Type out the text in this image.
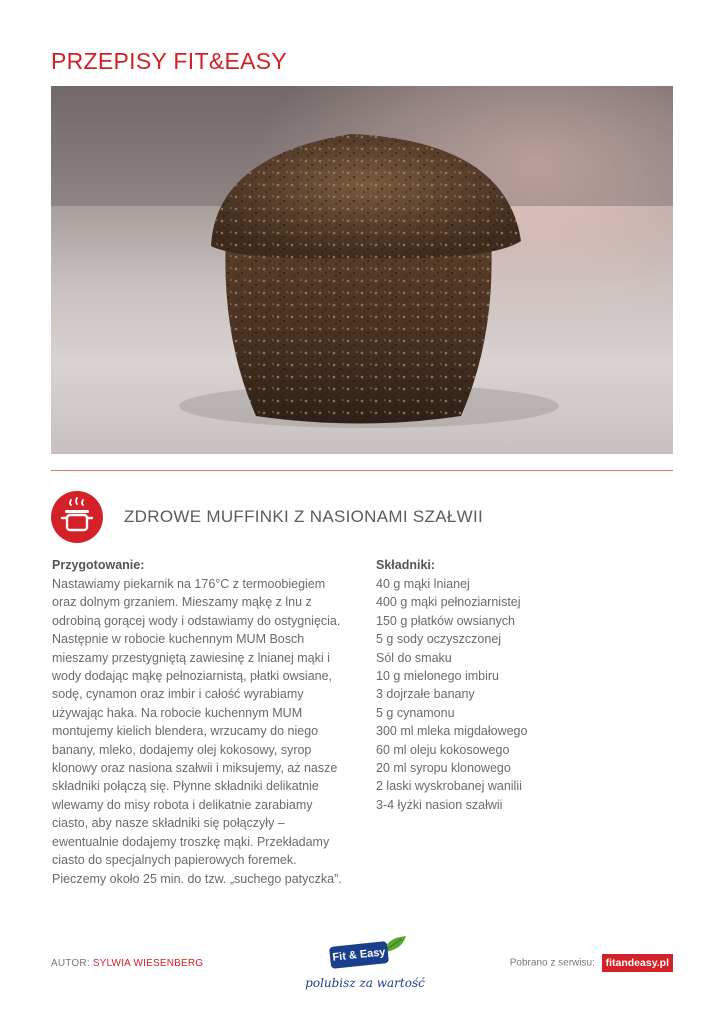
PRZEPISY FIT&EASY
ZDROWE MUFFINKI Z NASIONAMI SZAŁWII
Przygotowanie:

Nastawiamy piekarnik na 176°C z termoobiegiem oraz dolnym grzaniem. Mieszamy mąkę z lnu z odrobiną gorącej wody i odstawiamy do ostygnięcia. Następnie w robocie kuchennym MUM Bosch mieszamy przestygniętą zawiesinę z lnianej mąki i wody dodając mąkę pełnoziarnistą, płatki owsiane, sodę, cynamon oraz imbir i całość wyrabiamy używając haka. Na robocie kuchennym MUM montujemy kielich blendera, wrzucamy do niego banany, mleko, dodajemy olej kokosowy, syrop klonowy oraz nasiona szałwii i miksujemy, aż nasze składniki połączą się. Płynne składniki delikatnie wlewamy do misy robota i delikatnie zarabiamy ciasto, aby nasze składniki się połączyły – ewentualnie dodajemy troszkę mąki. Przekładamy ciasto do specjalnych papierowych foremek. Pieczemy około 25 min. do tzw. „suchego patyczka”.

Składniki:
40 g mąki lnianej
400 g mąki pełnoziarnistej
150 g płatków owsianych
5 g sody oczyszczonej
Sól do smaku
10 g mielonego imbiru
3 dojrzałe banany
5 g cynamonu
300 ml mleka migdałowego
60 ml oleju kokosowego
20 ml syropu klonowego
2 laski wyskrobanej wanilii
3-4 łyżki nasion szałwii
AUTOR: SYLWIA WIESENBERG	Fit & Easy
polubisz za wartość
Pobrano z serwisu: fitandeasy.pl
